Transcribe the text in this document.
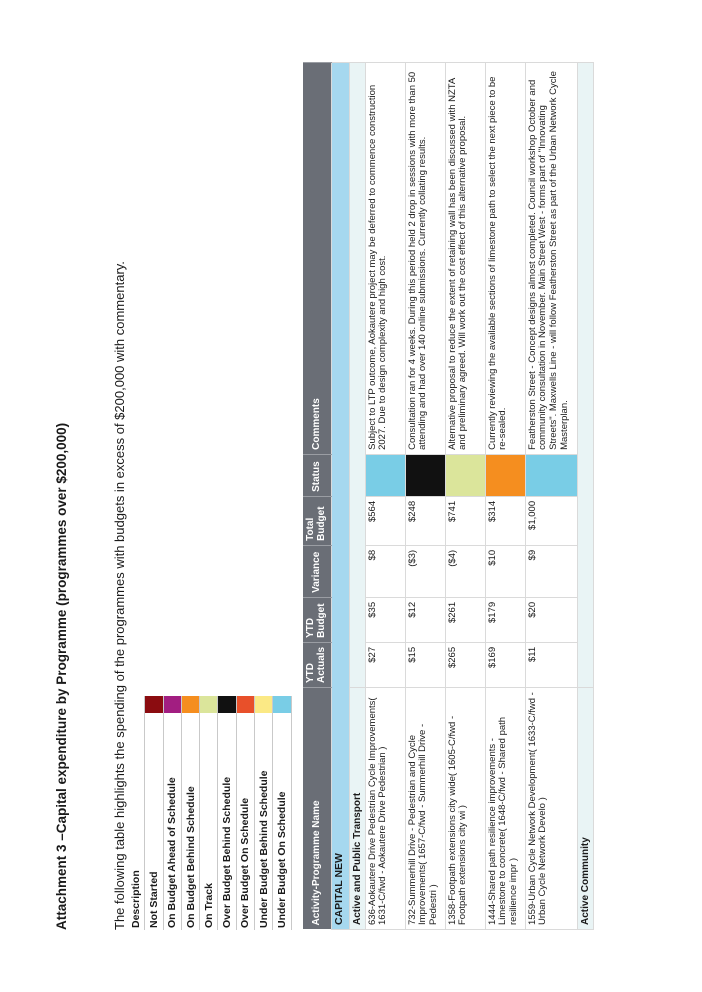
Attachment 3 –Capital expenditure by Programme (programmes over $200,000)	The following table highlights the spending of the programmes with budgets in excess of $200,000 with commentary. Description	
Not Started	
On Budget Ahead of Schedule	
On Budget Behind Schedule	
On Track	
Over Budget Behind Schedule	
Over Budget On Schedule	
Under Budget Behind Schedule	
Under Budget On Schedule	Activity-Programme Name	YTD Actuals	YTD Budget	Variance	Total Budget	Status	Comments
CAPITAL NEW						
Active and Public Transport						
636-Aokautere Drive Pedestrian Cycle Improvements( 1631-C/fwd - Aokautere Drive Pedestrian )	$27	$35	$8	$564		Subject to LTP outcome, Aokautere project may be deferred to commence construction 2027. Due to design complexity and high cost.
732-Summerhill Drive - Pedestrian and Cycle Improvements( 1657-C/fwd - Summerhill Drive - Pedestri )	$15	$12	($3)	$248		Consultation ran for 4 weeks. During this period held 2 drop in sessions with more than 50 attending and had over 140 online submissions. Currently collating results.
1358-Footpath extensions city wide( 1605-C/fwd - Footpath extensions city wi )	$265	$261	($4)	$741		Alternative proposal to reduce the extent of retaining wall has been discussed with NZTA and preliminary agreed. Will work out the cost effect of this alternative proposal.
1444-Shared path resilience improvements - Limestone to concrete( 1648-C/fwd - Shared path resilience impr )	$169	$179	$10	$314		Currently reviewing the available sections of limestone path to select the next piece to be re-sealed.
1559-Urban Cycle Network Development( 1633-C/fwd - Urban Cycle Network Develo )	$11	$20	$9	$1,000		Featherston Street - Concept designs almost completed. Council workshop October and community consultation in November. Main Street West - forms part of "Innovating Streets". Maxwells Line - will follow Featherston Street as part of the Urban Network Cycle Masterplan.
Active Community						
